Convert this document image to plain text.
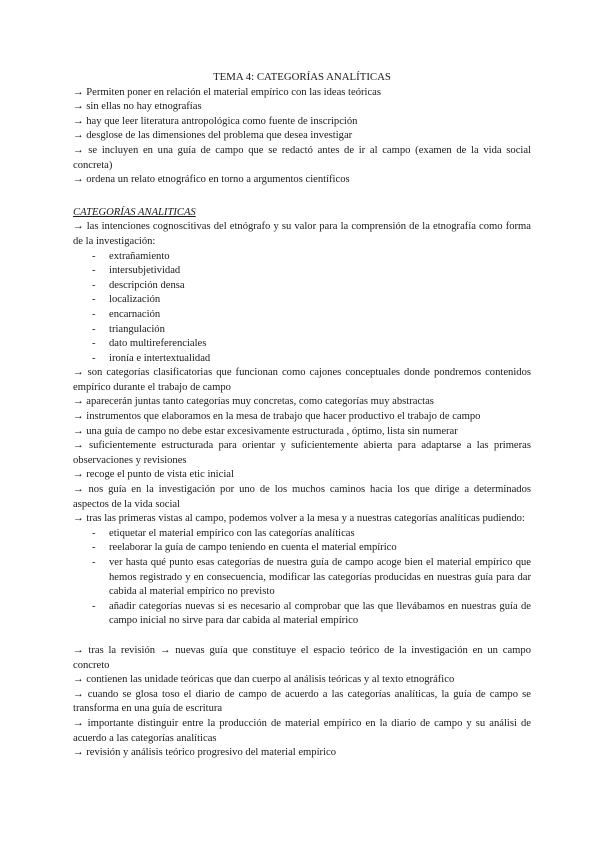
TEMA 4: CATEGORÍAS ANALÍTICAS

→ Permiten poner en relación el material empírico con las ideas teóricas

→ sin ellas no hay etnografías

→ hay que leer literatura antropológica como fuente de inscripción

→ desglose de las dimensiones del problema que desea investigar

→ se incluyen en una guía de campo que se redactó antes de ir al campo (examen de la vida social concreta)

→ ordena un relato etnográfico en torno a argumentos científicos

CATEGORÍAS ANALITICAS

→ las intenciones cognoscitivas del etnógrafo y su valor para la comprensión de la etnografía como forma de la investigación:

- extrañamiento
- intersubjetividad
- descripción densa
- localización
- encarnación
- triangulación
- dato multireferenciales
- ironía e intertextualidad

→ son categorías clasificatorias que funcionan como cajones conceptuales donde pondremos contenidos empírico durante el trabajo de campo

→ aparecerán juntas tanto categorías muy concretas, como categorías muy abstractas

→ instrumentos que elaboramos en la mesa de trabajo que hacer productivo el trabajo de campo

→ una guía de campo no debe estar excesivamente estructurada , óptimo, lista sin numerar

→ suficientemente estructurada para orientar y suficientemente abierta para adaptarse a las primeras observaciones y revisiones

→ recoge el punto de vista etic inicial

→ nos guía en la investigación por uno de los muchos caminos hacia los que dirige a determinados aspectos de la vida social

→ tras las primeras vistas al campo, podemos volver a la mesa y a nuestras categorías analíticas pudiendo:

- etiquetar el material empírico con las categorías analíticas
- reelaborar la guía de campo teniendo en cuenta el material empírico
- ver hasta qué punto esas categorías de nuestra guía de campo acoge bien el material empírico que hemos registrado y en consecuencia, modificar las categorías producidas en nuestras guía para dar cabida al material empírico no previsto
- añadir categorías nuevas si es necesario al comprobar que las que llevábamos en nuestras guía de campo inicial no sirve para dar cabida al material empírico

→ tras la revisión → nuevas guía que constituye el espacio teórico de la investigación en un campo concreto

→ contienen las unidade teóricas que dan cuerpo al análisis teóricas y al texto etnográfico

→ cuando se glosa toso el diario de campo de acuerdo a las categorías analíticas, la guía de campo se transforma en una guía de escritura

→ importante distinguir entre la producción de material empírico en la diario de campo y su análisi de acuerdo a las categorías analíticas

→ revisión y análisis teórico progresivo del material empírico
